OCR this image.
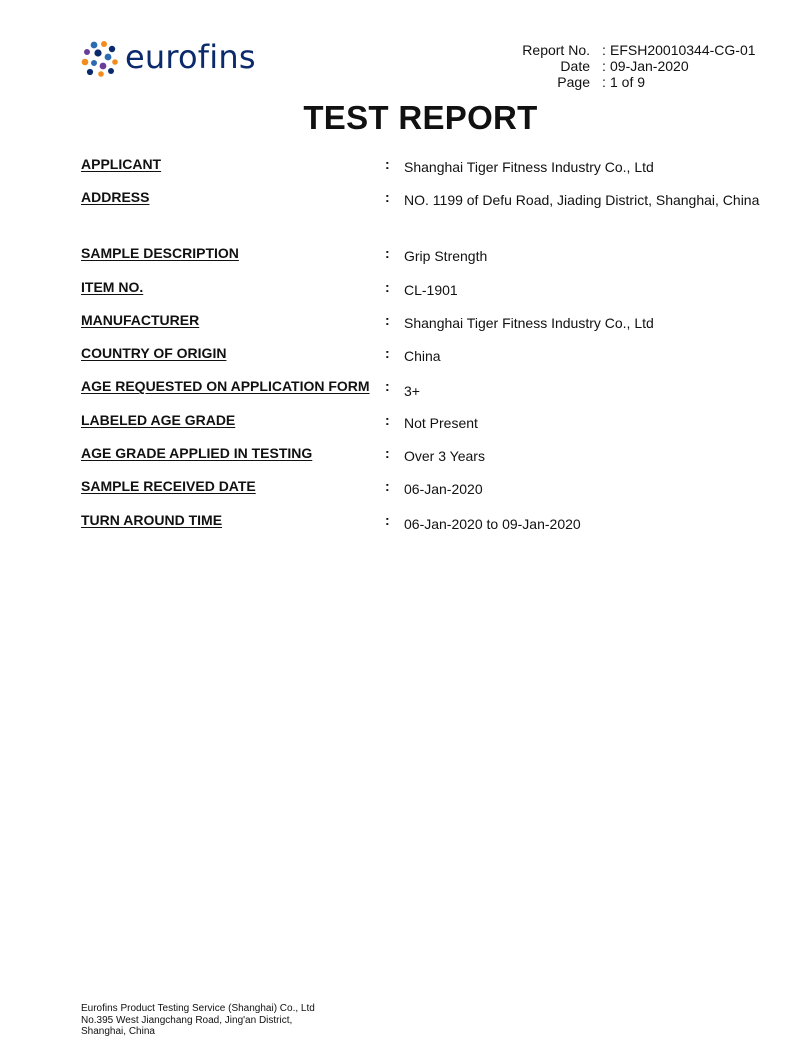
eurofins	Report No. : EFSH20010344-CG-01
Date : 09-Jan-2020
Page : 1 of 9
TEST REPORT
APPLICANT	: Shanghai Tiger Fitness Industry Co., Ltd
ADDRESS	: NO. 1199 of Defu Road, Jiading District, Shanghai, China
SAMPLE DESCRIPTION	: Grip Strength
ITEM NO.	: CL-1901
MANUFACTURER	: Shanghai Tiger Fitness Industry Co., Ltd
COUNTRY OF ORIGIN	: China
AGE REQUESTED ON APPLICATION FORM : 3+
LABELED AGE GRADE	: Not Present
AGE GRADE APPLIED IN TESTING	: Over 3 Years
SAMPLE RECEIVED DATE	: 06-Jan-2020
TURN AROUND TIME	: 06-Jan-2020 to 09-Jan-2020
Eurofins Product Testing Service (Shanghai) Co., Ltd
No.395 West Jiangchang Road, Jing'an District,
Shanghai, China
